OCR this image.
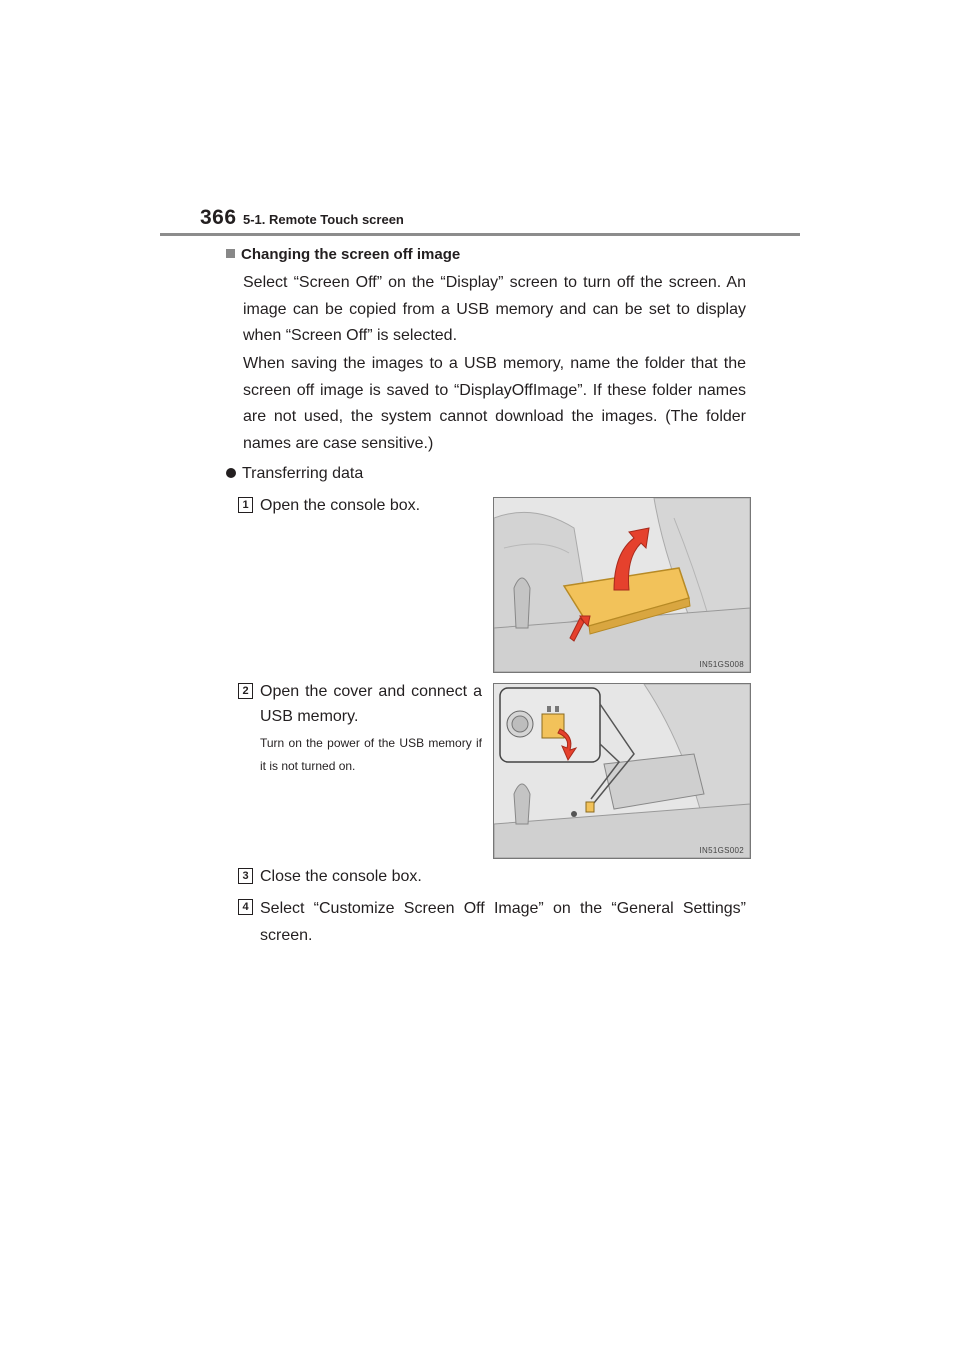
366 5-1. Remote Touch screen
Changing the screen off image
Select “Screen Off” on the “Display” screen to turn off the screen. An image can be copied from a USB memory and can be set to display when “Screen Off” is selected.
When saving the images to a USB memory, name the folder that the screen off image is saved to “DisplayOffImage”. If these folder names are not used, the system cannot download the images. (The folder names are case sensitive.)
Transferring data
1 Open the console box.
IN51GS008
2 Open the cover and connect a USB memory.
Turn on the power of the USB memory if it is not turned on.
IN51GS002
3 Close the console box.
4 Select “Customize Screen Off Image” on the “General Settings” screen.
